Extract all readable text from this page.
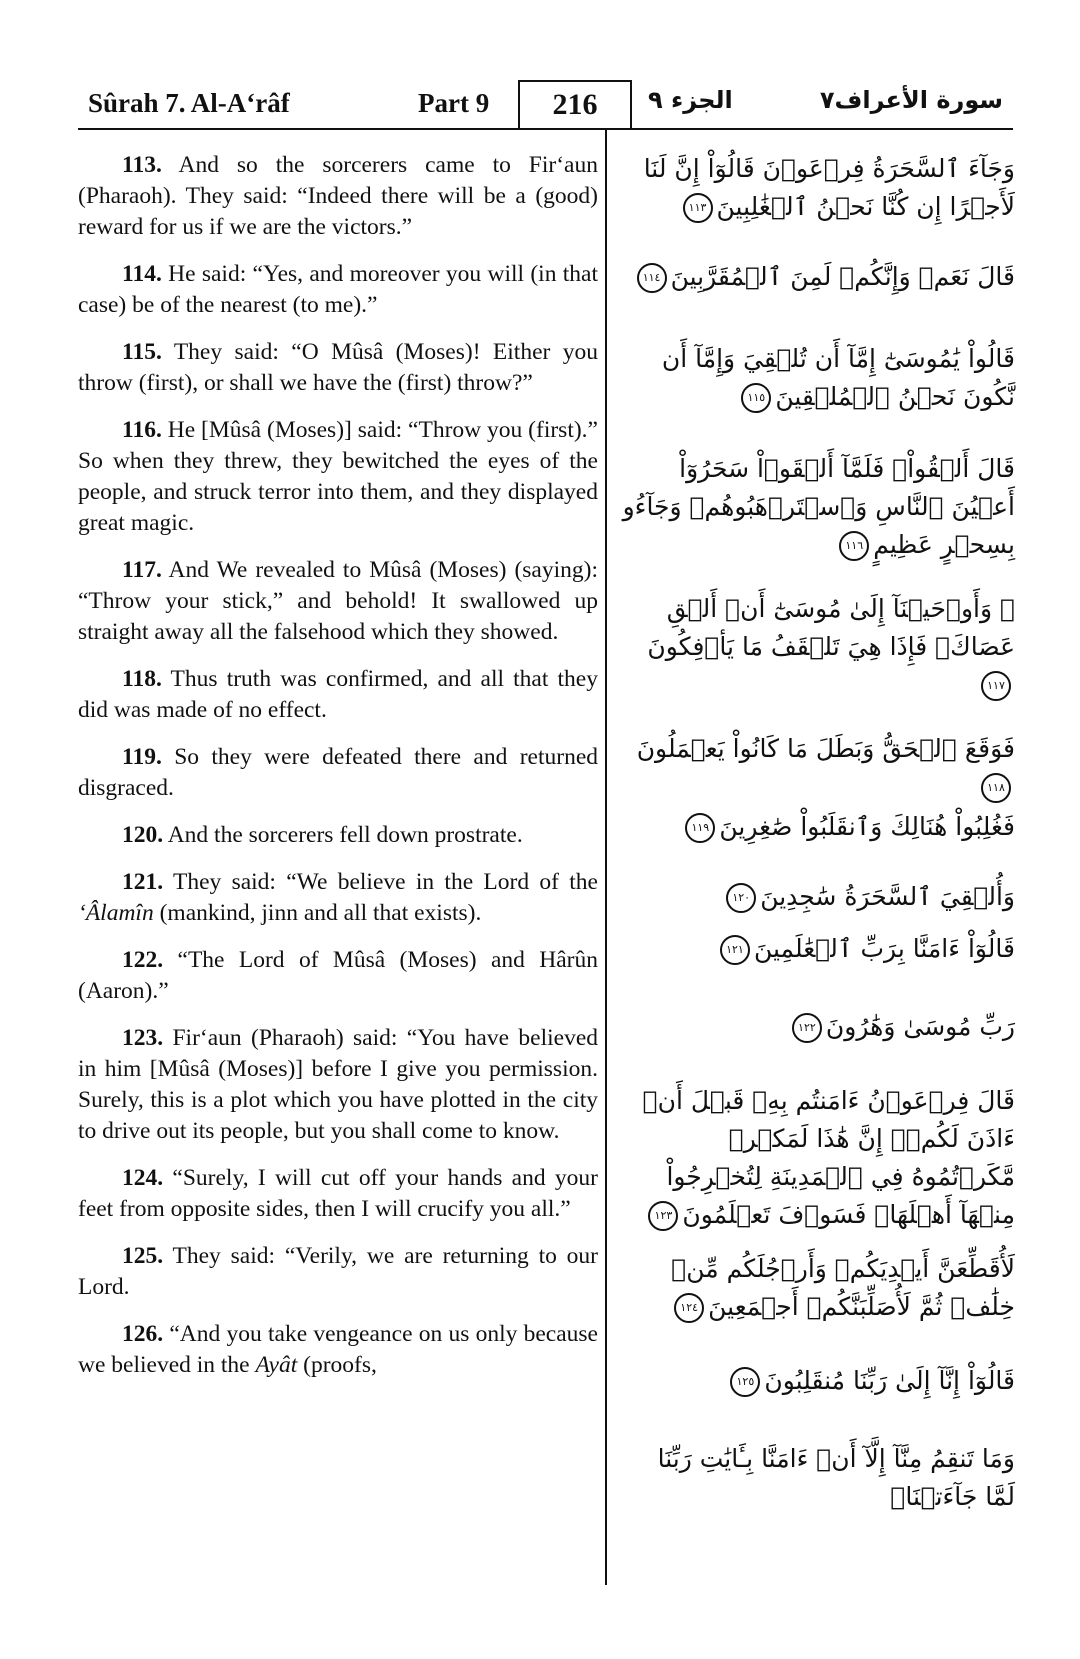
Sûrah 7. Al-A‘râf	Part 9	216	الجزء ٩	سورة الأعراف٧

113. And so the sorcerers came to Fir‘aun (Pharaoh). They said: “Indeed there will be a (good) reward for us if we are the victors.”

114. He said: “Yes, and moreover you will (in that case) be of the nearest (to me).”

115. They said: “O Mûsâ (Moses)! Either you throw (first), or shall we have the (first) throw?”

116. He [Mûsâ (Moses)] said: “Throw you (first).” So when they threw, they bewitched the eyes of the people, and struck terror into them, and they displayed great magic.

117. And We revealed to Mûsâ (Moses) (saying): “Throw your stick,” and behold! It swallowed up straight away all the falsehood which they showed.

118. Thus truth was confirmed, and all that they did was made of no effect.

119. So they were defeated there and returned disgraced.

120. And the sorcerers fell down prostrate.

121. They said: “We believe in the Lord of the ‘Âlamîn (mankind, jinn and all that exists).

122. “The Lord of Mûsâ (Moses) and Hârûn (Aaron).”

123. Fir‘aun (Pharaoh) said: “You have believed in him [Mûsâ (Moses)] before I give you permission. Surely, this is a plot which you have plotted in the city to drive out its people, but you shall come to know.

124. “Surely, I will cut off your hands and your feet from opposite sides, then I will crucify you all.”

125. They said: “Verily, we are returning to our Lord.

126. “And you take vengeance on us only because we believed in the Ayât (proofs,

وَجَآءَ ٱلسَّحَرَةُ فِرۡعَوۡنَ قَالُوٓاْ إِنَّ لَنَا لَأَجۡرًا إِن كُنَّا نَحۡنُ ٱلۡغَٰلِبِينَ١١٣

قَالَ نَعَمۡ وَإِنَّكُمۡ لَمِنَ ٱلۡمُقَرَّبِينَ١١٤

قَالُواْ يَٰمُوسَىٰٓ إِمَّآ أَن تُلۡقِيَ وَإِمَّآ أَن نَّكُونَ نَحۡنُ ٱلۡمُلۡقِينَ١١٥

قَالَ أَلۡقُواْۖ فَلَمَّآ أَلۡقَوۡاْ سَحَرُوٓاْ أَعۡيُنَ ٱلنَّاسِ وَٱسۡتَرۡهَبُوهُمۡ وَجَآءُو بِسِحۡرٍ عَظِيمٍ١١٦

۞ وَأَوۡحَيۡنَآ إِلَىٰ مُوسَىٰٓ أَنۡ أَلۡقِ عَصَاكَۖ فَإِذَا هِيَ تَلۡقَفُ مَا يَأۡفِكُونَ١١٧

فَوَقَعَ ٱلۡحَقُّ وَبَطَلَ مَا كَانُواْ يَعۡمَلُونَ١١٨

فَغُلِبُواْ هُنَالِكَ وَٱنقَلَبُواْ صَٰغِرِينَ١١٩

وَأُلۡقِيَ ٱلسَّحَرَةُ سَٰجِدِينَ١٢٠

قَالُوٓاْ ءَامَنَّا بِرَبِّ ٱلۡعَٰلَمِينَ١٢١

رَبِّ مُوسَىٰ وَهَٰرُونَ١٢٢

قَالَ فِرۡعَوۡنُ ءَامَنتُم بِهِۦ قَبۡلَ أَنۡ ءَاذَنَ لَكُمۡۖ إِنَّ هَٰذَا لَمَكۡرٞ مَّكَرۡتُمُوهُ فِي ٱلۡمَدِينَةِ لِتُخۡرِجُواْ مِنۡهَآ أَهۡلَهَاۖ فَسَوۡفَ تَعۡلَمُونَ١٢٣

لَأُقَطِّعَنَّ أَيۡدِيَكُمۡ وَأَرۡجُلَكُم مِّنۡ خِلَٰفٖ ثُمَّ لَأُصَلِّبَنَّكُمۡ أَجۡمَعِينَ١٢٤

قَالُوٓاْ إِنَّآ إِلَىٰ رَبِّنَا مُنقَلِبُونَ١٢٥

وَمَا تَنقِمُ مِنَّآ إِلَّآ أَنۡ ءَامَنَّا بِـَٔايَٰتِ رَبِّنَا لَمَّا جَآءَتۡنَاۚ
